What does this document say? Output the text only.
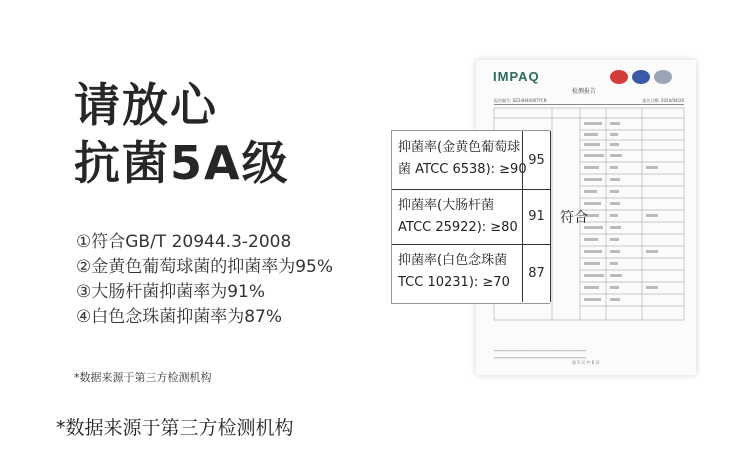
请放心
抗菌5A级
①符合GB/T 20944.3-2008
②金黄色葡萄球菌的抑菌率为95%
③大肠杆菌抑菌率为91%
④白色念珠菌抑菌率为87%
*数据来源于第三方检测机构
*数据来源于第三方检测机构
IMPAQ
检测报告
报告编号: SZ24H4006TYCN	报告日期: 2024/04/26
━━━━━━━━━━━━━━━━━━━━━━━━━━━━━━━━━━━━━━━━━━━━━━━━━━━
━━━━━━━━━━━━━━━━━━━━━━━━━━━━━━━━━━━━━━━━━━━━━━━━━━━
第 5 页 共 6 页
抑菌率(金黄色葡萄球
菌 ATCC 6538): ≥90
95
抑菌率(大肠杆菌
ATCC 25922): ≥80
91
抑菌率(白色念珠菌
TCC 10231): ≥70
87
符合
